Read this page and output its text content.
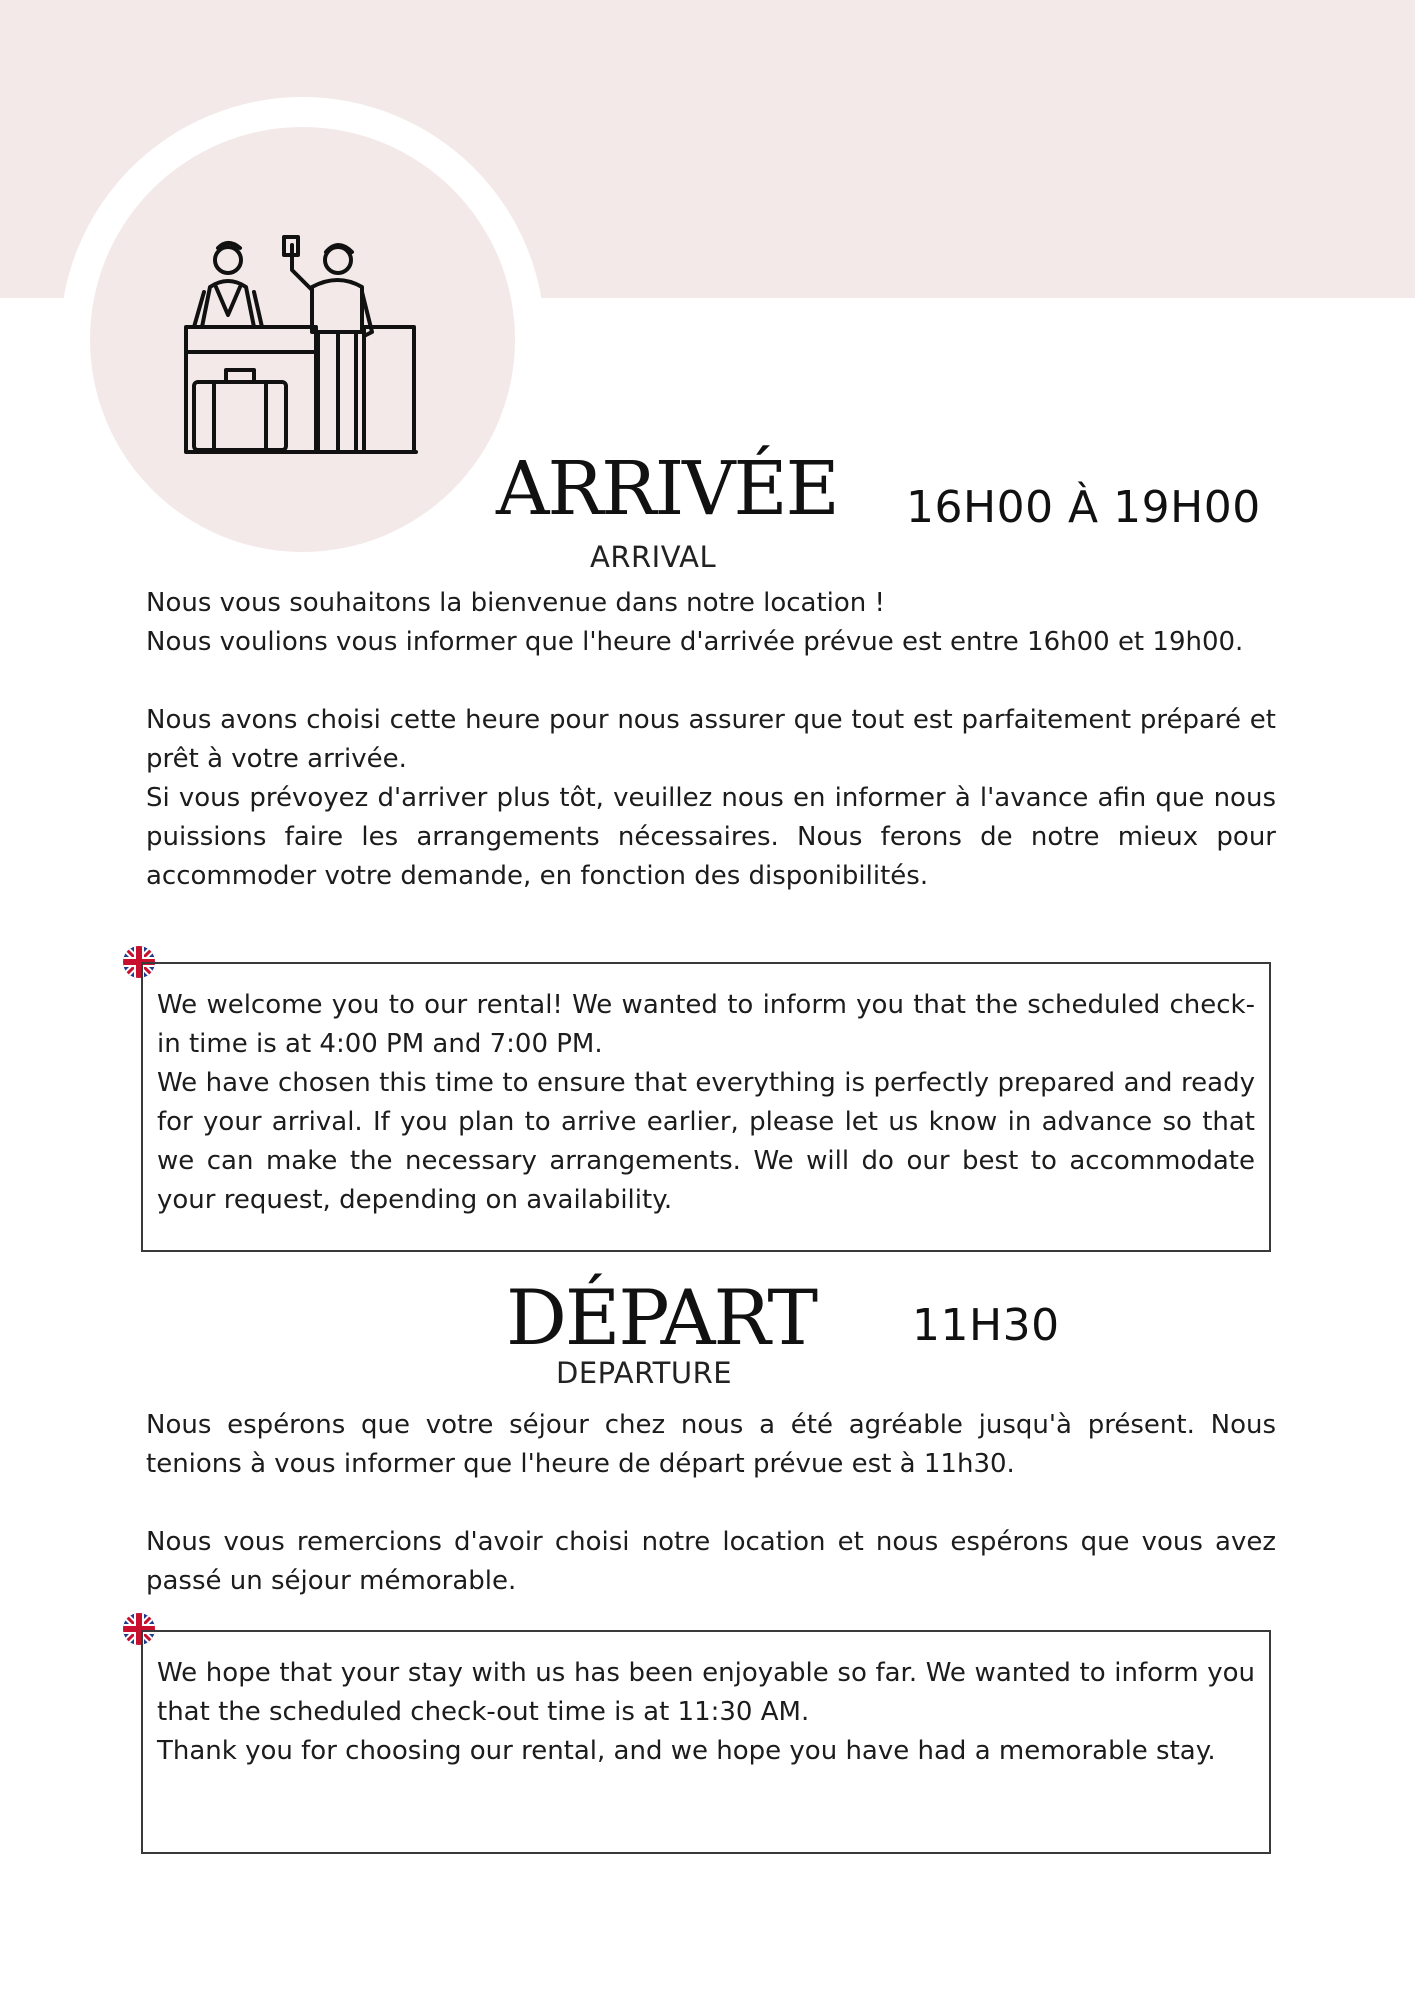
ARRIVÉE
ARRIVAL
16H00 À 19H00

Nous vous souhaitons la bienvenue dans notre location !

Nous voulions vous informer que l'heure d'arrivée prévue est entre 16h00 et 19h00.

Nous avons choisi cette heure pour nous assurer que tout est parfaitement préparé et prêt à votre arrivée.

Si vous prévoyez d'arriver plus tôt, veuillez nous en informer à l'avance afin que nous puissions faire les arrangements nécessaires. Nous ferons de notre mieux pour accommoder votre demande, en fonction des disponibilités.

We welcome you to our rental! We wanted to inform you that the scheduled check-in time is at 4:00 PM and 7:00 PM.

We have chosen this time to ensure that everything is perfectly prepared and ready for your arrival. If you plan to arrive earlier, please let us know in advance so that we can make the necessary arrangements. We will do our best to accommodate your request, depending on availability.

DÉPART
DEPARTURE
11H30

Nous espérons que votre séjour chez nous a été agréable jusqu'à présent. Nous tenions à vous informer que l'heure de départ prévue est à 11h30.

Nous vous remercions d'avoir choisi notre location et nous espérons que vous avez passé un séjour mémorable.

We hope that your stay with us has been enjoyable so far. We wanted to inform you that the scheduled check-out time is at 11:30 AM.

Thank you for choosing our rental, and we hope you have had a memorable stay.
